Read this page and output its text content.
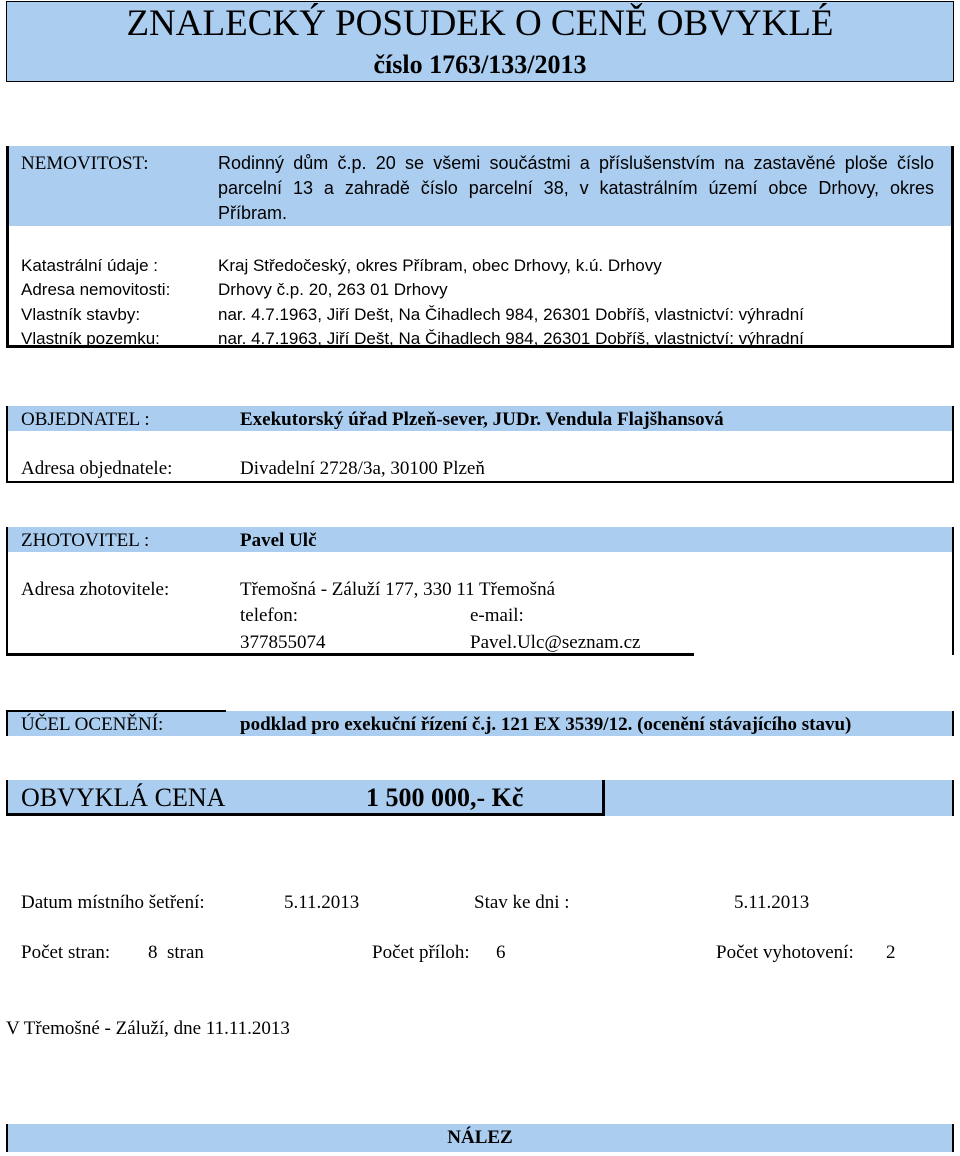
ZNALECKÝ POSUDEK O CENĚ OBVYKLÉ
číslo 1763/133/2013
NEMOVITOST:	Rodinný dům č.p. 20 se všemi součástmi a příslušenstvím na zastavěné ploše číslo parcelní 13 a zahradě číslo parcelní 38, v katastrálním území obce Drhovy, okres Příbram.
Katastrální údaje :	Kraj Středočeský, okres Příbram, obec Drhovy, k.ú. Drhovy
Adresa nemovitosti:	Drhovy č.p. 20, 263 01 Drhovy
Vlastník stavby:	nar. 4.7.1963, Jiří Dešt, Na Čihadlech 984, 26301 Dobříš, vlastnictví: výhradní
Vlastník pozemku:	nar. 4.7.1963, Jiří Dešt, Na Čihadlech 984, 26301 Dobříš, vlastnictví: výhradní
OBJEDNATEL :	Exekutorský úřad Plzeň-sever, JUDr. Vendula Flajšhansová
Adresa objednatele:	Divadelní 2728/3a, 30100 Plzeň
ZHOTOVITEL :	Pavel Ulč
Adresa zhotovitele:	Třemošná - Záluží 177, 330 11 Třemošná
telefon:	e-mail:
377855074	Pavel.Ulc@seznam.cz
ÚČEL OCENĚNÍ:	podklad pro exekuční řízení č.j. 121 EX 3539/12. (ocenění stávajícího stavu)
OBVYKLÁ CENA	1 500 000,- Kč
Datum místního šetření:	5.11.2013	Stav ke dni :	5.11.2013
Počet stran: 8  stran	Počet příloh: 6	Počet vyhotovení: 2
V Třemošné - Záluží, dne 11.11.2013
NÁLEZ
